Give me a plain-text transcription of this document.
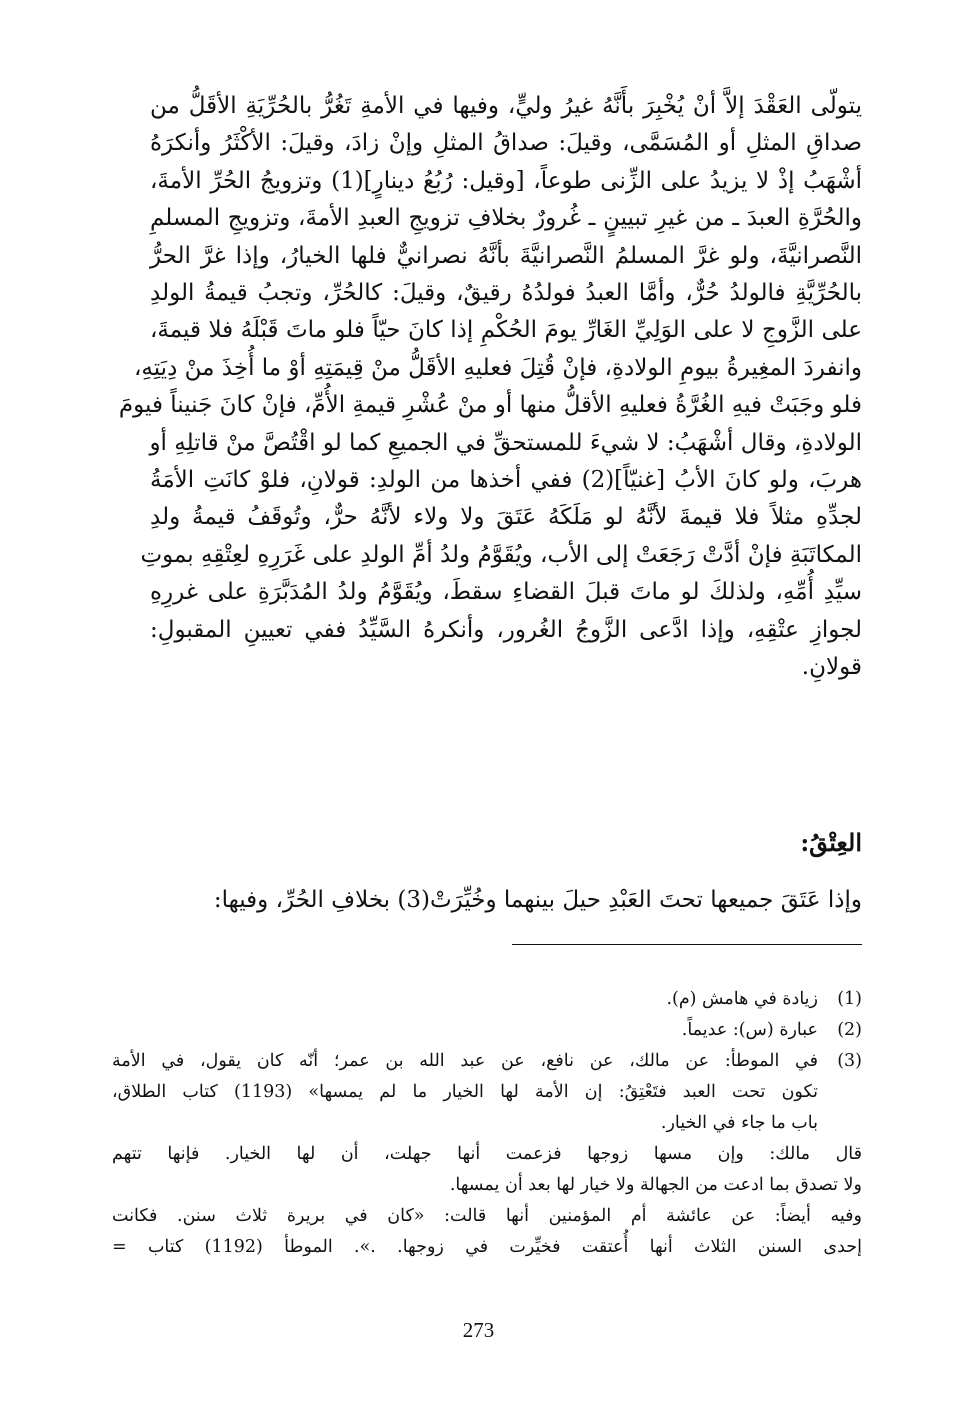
يتولّى العَقْدَ إلاَّ أنْ يُخْبِرَ بأَنَّهُ غيرُ وليٍّ، وفيها في الأمةِ تَغُرُّ بالحُرِّيَةِ الأقَلُّ من
صداقِ المثلِ أو المُسَمَّى، وقيلَ: صداقُ المثلِ وإنْ زادَ، وقيلَ: الأكْثَرُ وأنكرَهُ
أشْهَبُ إذْ لا يزيدُ على الزِّنى طوعاً، [وقيل: رُبُعُ دينارٍ](1) وتزويجُ الحُرِّ الأمةَ،
والحُرَّةِ العبدَ ـ من غيرِ تبيينٍ ـ غُرورٌ بخلافِ تزويجِ العبدِ الأمةَ، وتزويجِ المسلمِ
النَّصرانيَّةَ، ولو غرَّ المسلمُ النَّصرانيَّةَ بأنَّهُ نصرانيٌّ فلها الخيارُ، وإذا غرَّ الحرُّ
بالحُرِّيَّةِ فالولدُ حُرٌّ، وأمَّا العبدُ فولدُهُ رقيقٌ، وقيلَ: كالحُرِّ، وتجبُ قيمةُ الولدِ
على الزَّوجِ لا على الوَلِيِّ الغَارِّ يومَ الحُكْمِ إذا كانَ حيّاً فلو ماتَ قَبْلَهُ فلا قيمةَ،
وانفردَ المغِيرةُ بيومِ الولادةِ، فإنْ قُتِلَ فعليهِ الأقَلُّ منْ قِيمَتِهِ أوْ ما أُخِذَ منْ دِيَتِهِ،
فلو وجَبَتْ فيهِ الغُرَّةُ فعليهِ الأقلُّ منها أو منْ عُشْرِ قيمةِ الأُمِّ، فإنْ كانَ جَنيناً فيومَ
الولادةِ، وقال أشْهَبُ: لا شيءَ للمستحقِّ في الجميعِ كما لو اقْتُصَّ منْ قاتلِهِ أو
هربَ، ولو كانَ الأبُ [غنيّاً](2) ففي أخذها من الولدِ: قولانِ، فلوْ كانَتِ الأمَةُ
لجدِّهِ مثلاً فلا قيمةَ لأنَّهُ لو مَلَكَهُ عَتَقَ ولا ولاء لأنَّهُ حرٌّ، وتُوقَفُ قيمةُ ولدِ
المكاتَبَةِ فإنْ أدَّتْ رَجَعَتْ إلى الأب، ويُقَوَّمُ ولدُ أمِّ الولدِ على غَرَرِهِ لعِتْقِهِ بموتِ
سيِّدِ أُمِّهِ، ولذلكَ لو ماتَ قبلَ القضاءِ سقطَ، ويُقَوَّمُ ولدُ المُدَبَّرَةِ على غررِهِ
لجوازِ عتْقِهِ، وإذا ادَّعى الزَّوجُ الغُرور، وأنكرهُ السَّيِّدُ ففي تعيينِ المقبولِ:
قولانِ.
العِتْقُ:
وإذا عَتَقَ جميعها تحتَ العَبْدِ حيلَ بينهما وخُيِّرَتْ(3) بخلافِ الحُرِّ، وفيها:
(1)
زيادة في هامش (م).
(2)
عبارة (س): عديماً.
(3)
في الموطأ: عن مالك، عن نافع، عن عبد الله بن عمر؛ أنّه كان يقول، في الأمة
تكون تحت العبد فتَعْتِقُ: إن الأمة لها الخيار ما لم يمسها» (1193) كتاب الطلاق،
باب ما جاء في الخيار.
قال مالك: وإن مسها زوجها فزعمت أنها جهلت، أن لها الخيار. فإنها تتهم
ولا تصدق بما ادعت من الجهالة ولا خيار لها بعد أن يمسها.
وفيه أيضاً: عن عائشة أم المؤمنين أنها قالت: «كان في بريرة ثلاث سنن. فكانت
إحدى السنن الثلاث أنها أُعتقت فخيِّرت في زوجها. .». الموطأ (1192) كتاب =
273
